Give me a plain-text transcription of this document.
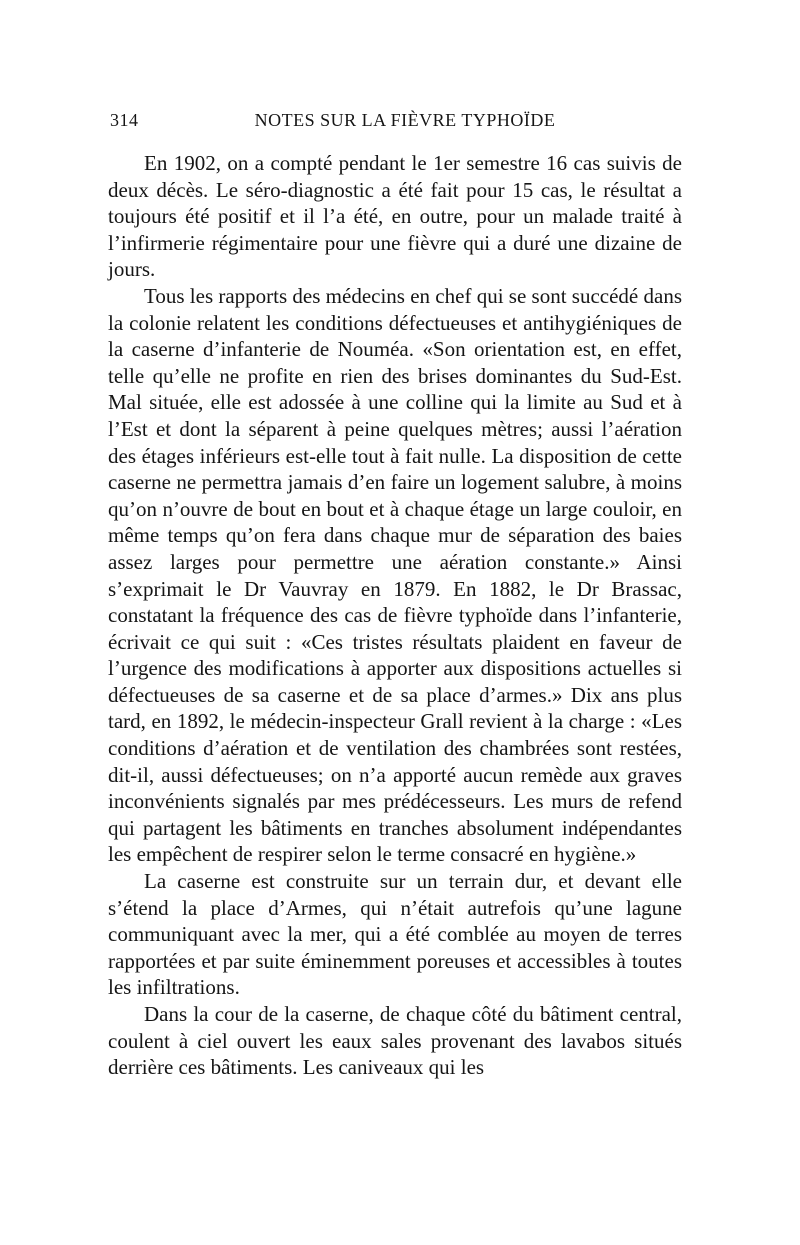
314	NOTES SUR LA FIÈVRE TYPHOÏDE

En 1902, on a compté pendant le 1er semestre 16 cas suivis de deux décès. Le séro-diagnostic a été fait pour 15 cas, le résultat a toujours été positif et il l’a été, en outre, pour un malade traité à l’infirmerie régimentaire pour une fièvre qui a duré une dizaine de jours.

Tous les rapports des médecins en chef qui se sont succédé dans la colonie relatent les conditions défectueuses et antihygiéniques de la caserne d’infanterie de Nouméa. «Son orientation est, en effet, telle qu’elle ne profite en rien des brises dominantes du Sud-Est. Mal située, elle est adossée à une colline qui la limite au Sud et à l’Est et dont la séparent à peine quelques mètres; aussi l’aération des étages inférieurs est-elle tout à fait nulle. La disposition de cette caserne ne permettra jamais d’en faire un logement salubre, à moins qu’on n’ouvre de bout en bout et à chaque étage un large couloir, en même temps qu’on fera dans chaque mur de séparation des baies assez larges pour permettre une aération constante.» Ainsi s’exprimait le Dr Vauvray en 1879. En 1882, le Dr Brassac, constatant la fréquence des cas de fièvre typhoïde dans l’infanterie, écrivait ce qui suit : «Ces tristes résultats plaident en faveur de l’urgence des modifications à apporter aux dispositions actuelles si défectueuses de sa caserne et de sa place d’armes.» Dix ans plus tard, en 1892, le médecin-inspecteur Grall revient à la charge : «Les conditions d’aération et de ventilation des chambrées sont restées, dit-il, aussi défectueuses; on n’a apporté aucun remède aux graves inconvénients signalés par mes prédécesseurs. Les murs de refend qui partagent les bâtiments en tranches absolument indépendantes les empêchent de respirer selon le terme consacré en hygiène.»

La caserne est construite sur un terrain dur, et devant elle s’étend la place d’Armes, qui n’était autrefois qu’une lagune communiquant avec la mer, qui a été comblée au moyen de terres rapportées et par suite éminemment poreuses et accessibles à toutes les infiltrations.

Dans la cour de la caserne, de chaque côté du bâtiment central, coulent à ciel ouvert les eaux sales provenant des lavabos situés derrière ces bâtiments. Les caniveaux qui les
